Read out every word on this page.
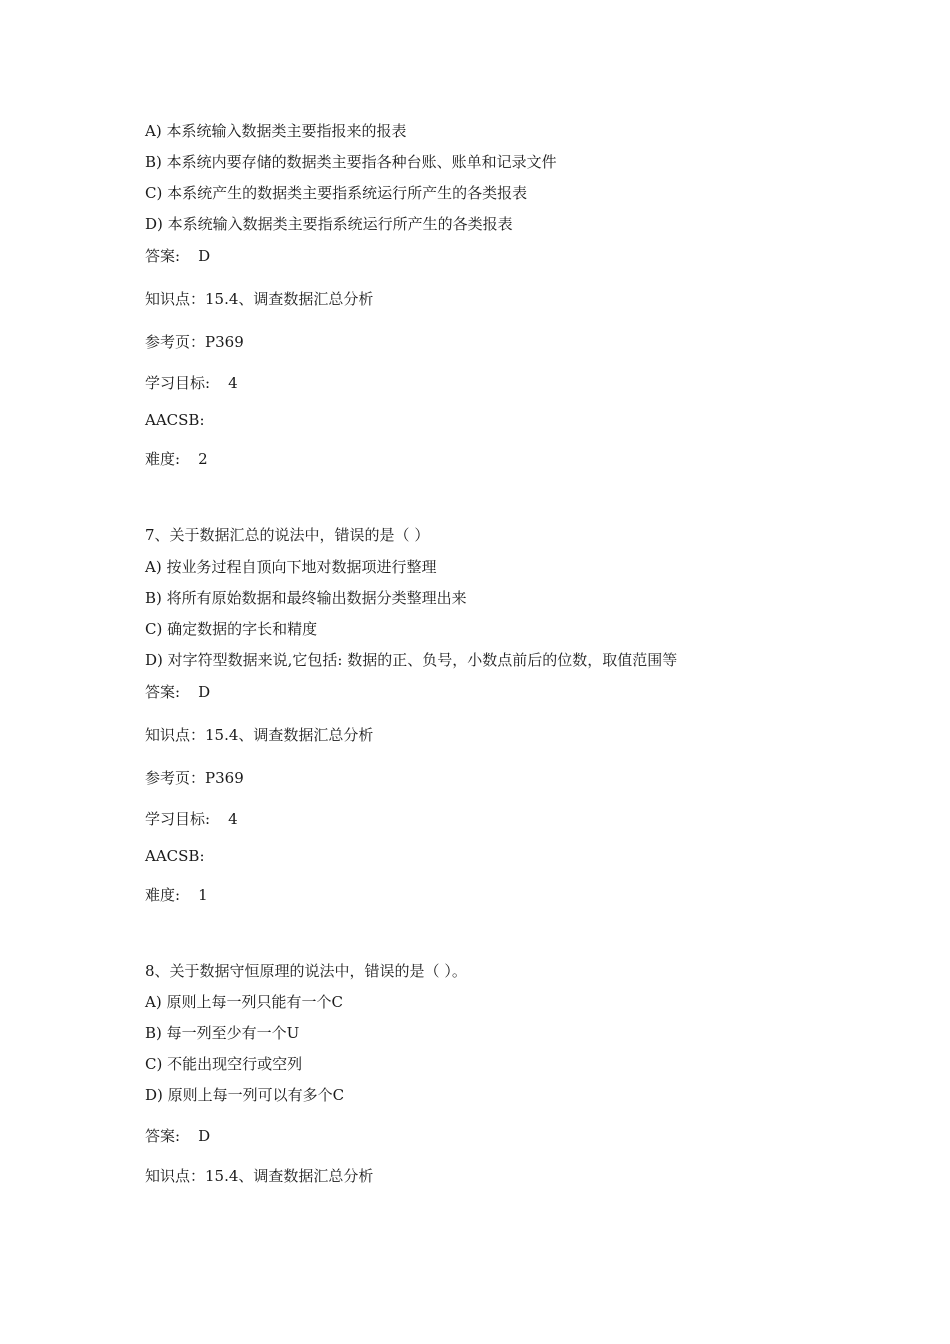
A) 本系统输入数据类主要指报来的报表
B) 本系统内要存储的数据类主要指各种台账、账单和记录文件
C) 本系统产生的数据类主要指系统运行所产生的各类报表
D) 本系统输入数据类主要指系统运行所产生的各类报表
答案: D
知识点：15.4、调查数据汇总分析
参考页：P369
学习目标: 4
AACSB:
难度: 2
7、关于数据汇总的说法中，错误的是（ ）
A) 按业务过程自顶向下地对数据项进行整理
B) 将所有原始数据和最终输出数据分类整理出来
C) 确定数据的字长和精度
D) 对字符型数据来说,它包括: 数据的正、负号，小数点前后的位数，取值范围等
答案: D
知识点：15.4、调查数据汇总分析
参考页：P369
学习目标: 4
AACSB:
难度: 1
8、关于数据守恒原理的说法中，错误的是（ ）。
A) 原则上每一列只能有一个C
B) 每一列至少有一个U
C) 不能出现空行或空列
D) 原则上每一列可以有多个C
答案: D
知识点：15.4、调查数据汇总分析
